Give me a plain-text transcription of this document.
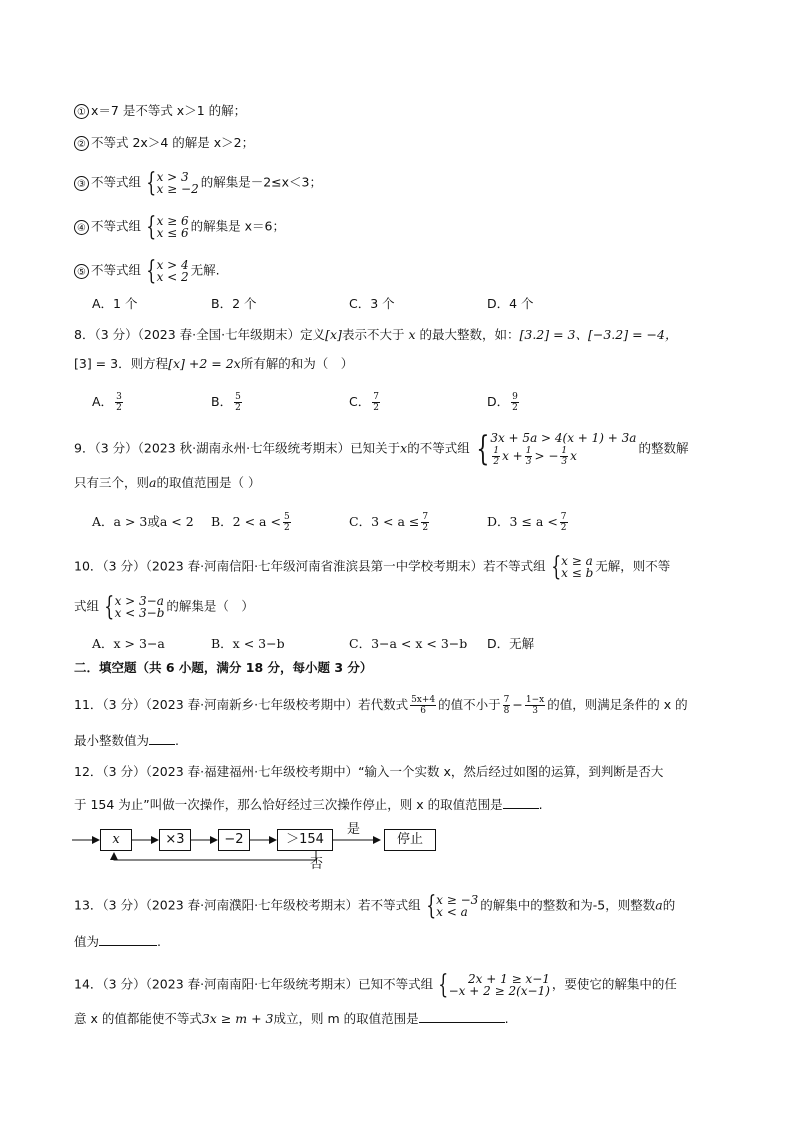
① x＝7 是不等式 x＞1 的解；
② 不等式 2x＞4 的解是 x＞2；
③ 不等式组 { x > 3
x ≥ −2 的解集是－2≤x＜3；
④ 不等式组 { x ≥ 6
x ≤ 6 的解集是 x＝6；
⑤ 不等式组 { x > 4
x < 2 无解.
A．1 个	B．2 个	C．3 个	D．4 个
8．（3 分）（2023 春·全国·七年级期末）定义[x]表示不大于 x 的最大整数，如：[3.2] = 3、[−3.2] = −4，
[3] = 3．则方程[x] +2 = 2x所有解的和为（　）
A． $\frac{3}{2}$	B． $\frac{5}{2}$	C． $\frac{7}{2}$	D． $\frac{9}{2}$
9．（3 分）（2023 秋·湖南永州·七年级统考期末）已知关于x的不等式组 { 3x + 5a > 4(x + 1) + 3a
$\frac{1}{2}$ $x + \frac{1}{3}$ > − $\frac{1}{3}$ x
的整数解
只有三个，则a的取值范围是（ ）
A．a > 3或a < 2 B．$2 < a < \frac{5}{2}$	C．$3 < a \le \frac{7}{2}$	D．$3 \le a < \frac{7}{2}$
10．（3 分）（2023 春·河南信阳·七年级河南省淮滨县第一中学校考期末）若不等式组 { x ≥ a
x ≤ b 无解，则不等
式组 { x > 3−a
x < 3−b 的解集是（　）
A．x > 3−a	B．x < 3−b	C．3−a < x < 3−b D．无解
二．填空题（共 6 小题，满分 18 分，每小题 3 分）
11．（3 分）（2023 春·河南新乡·七年级校考期中）若代数式 $\frac{5x+4}{6}$ 的值不小于 $\frac{7}{8} - \frac{1-x}{3}$ 的值，则满足条件的 x 的
最小整数值为 .
12．（3 分）（2023 春·福建福州·七年级校考期中）“输入一个实数 x，然后经过如图的运算，到判断是否大
于 154 为止”叫做一次操作，那么恰好经过三次操作停止，则 x 的取值范围是	.
x	×3	−2	＞154	停止
是
否
13．（3 分）（2023 春·河南濮阳·七年级校考期末）若不等式组 { x ≥ −3
x < a	的解集中的整数和为-5，则整数a的
值为	.
14．（3 分）（2023 春·河南南阳·七年级统考期末）已知不等式组 { 2x + 1 ≥ x−1
−x + 2 ≥ 2(x−1) ，要使它的解集中的任
意 x 的值都能使不等式3x ≥ m + 3成立，则 m 的取值范围是	.
